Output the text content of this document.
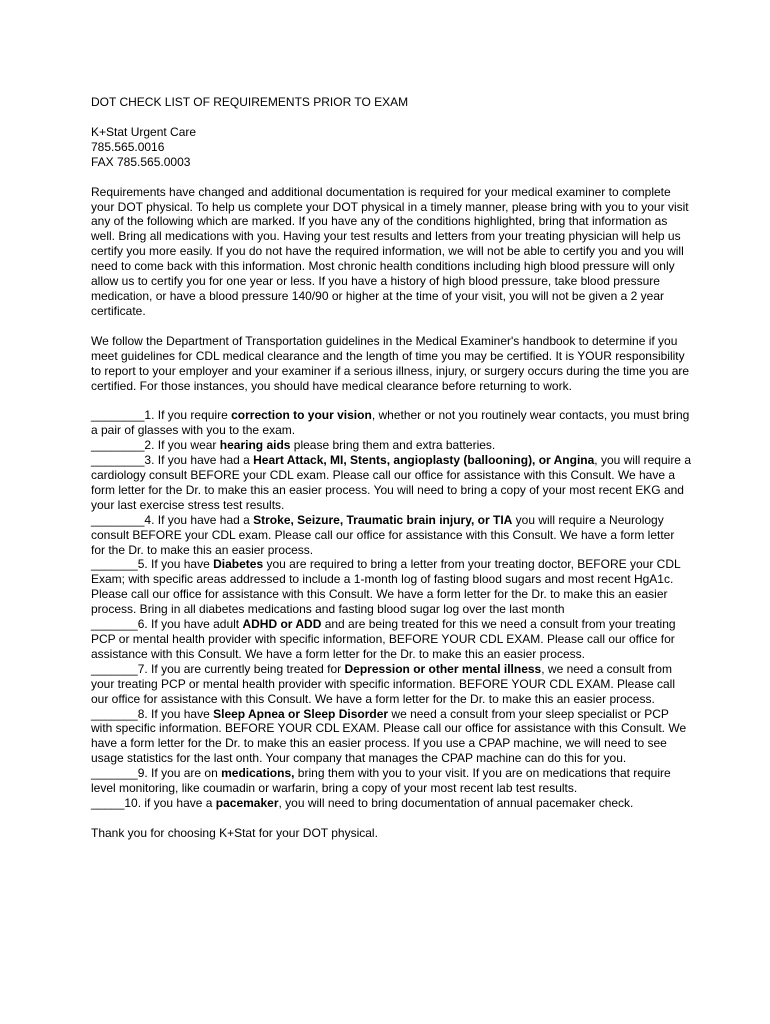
DOT CHECK LIST OF REQUIREMENTS PRIOR TO EXAM
K+Stat Urgent Care
785.565.0016
FAX 785.565.0003

Requirements have changed and additional documentation is required for your medical examiner to complete your DOT physical. To help us complete your DOT physical in a timely manner, please bring with you to your visit any of the following which are marked. If you have any of the conditions highlighted, bring that information as well. Bring all medications with you. Having your test results and letters from your treating physician will help us certify you more easily. If you do not have the required information, we will not be able to certify you and you will need to come back with this information. Most chronic health conditions including high blood pressure will only allow us to certify you for one year or less. If you have a history of high blood pressure, take blood pressure medication, or have a blood pressure 140/90 or higher at the time of your visit, you will not be given a 2 year certificate.

We follow the Department of Transportation guidelines in the Medical Examiner's handbook to determine if you meet guidelines for CDL medical clearance and the length of time you may be certified. It is YOUR responsibility to report to your employer and your examiner if a serious illness, injury, or surgery occurs during the time you are certified. For those instances, you should have medical clearance before returning to work.

________1. If you require correction to your vision, whether or not you routinely wear contacts, you must bring a pair of glasses with you to the exam.
________2. If you wear hearing aids please bring them and extra batteries.
________3. If you have had a Heart Attack, MI, Stents, angioplasty (ballooning), or Angina, you will require a cardiology consult BEFORE your CDL exam. Please call our office for assistance with this Consult. We have a form letter for the Dr. to make this an easier process. You will need to bring a copy of your most recent EKG and your last exercise stress test results.
________4. If you have had a Stroke, Seizure, Traumatic brain injury, or TIA you will require a Neurology consult BEFORE your CDL exam. Please call our office for assistance with this Consult. We have a form letter for the Dr. to make this an easier process.
_______5. If you have Diabetes you are required to bring a letter from your treating doctor, BEFORE your CDL Exam; with specific areas addressed to include a 1-month log of fasting blood sugars and most recent HgA1c. Please call our office for assistance with this Consult. We have a form letter for the Dr. to make this an easier process. Bring in all diabetes medications and fasting blood sugar log over the last month
_______6. If you have adult ADHD or ADD and are being treated for this we need a consult from your treating PCP or mental health provider with specific information, BEFORE YOUR CDL EXAM. Please call our office for assistance with this Consult. We have a form letter for the Dr. to make this an easier process.
_______7. If you are currently being treated for Depression or other mental illness, we need a consult from your treating PCP or mental health provider with specific information. BEFORE YOUR CDL EXAM. Please call our office for assistance with this Consult. We have a form letter for the Dr. to make this an easier process.
_______8. If you have Sleep Apnea or Sleep Disorder we need a consult from your sleep specialist or PCP with specific information. BEFORE YOUR CDL EXAM. Please call our office for assistance with this Consult. We have a form letter for the Dr. to make this an easier process. If you use a CPAP machine, we will need to see usage statistics for the last onth. Your company that manages the CPAP machine can do this for you.
_______9. If you are on medications, bring them with you to your visit. If you are on medications that require level monitoring, like coumadin or warfarin, bring a copy of your most recent lab test results.
_____10. if you have a pacemaker, you will need to bring documentation of annual pacemaker check.
Thank you for choosing K+Stat for your DOT physical.
